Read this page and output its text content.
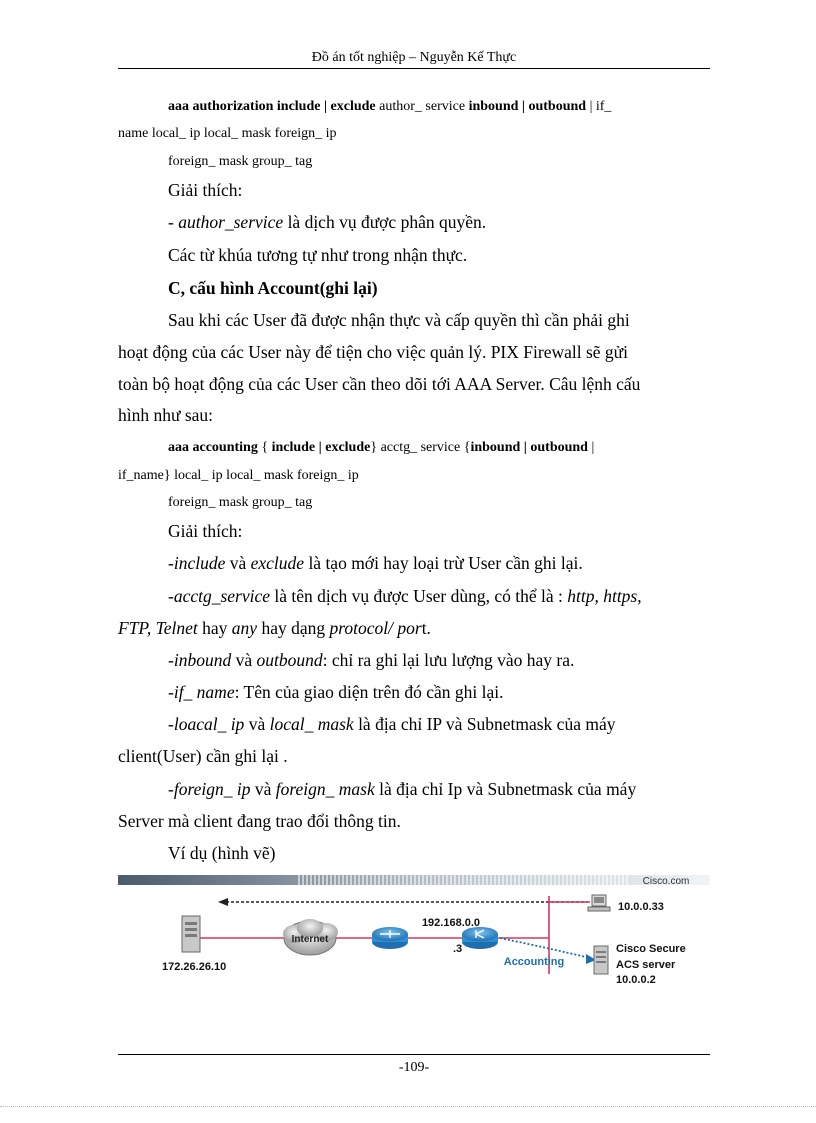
Đồ án tốt nghiệp – Nguyễn Kế Thực
aaa authorization include | exclude author_ service inbound | outbound | if_
name local_ ip local_ mask foreign_ ip
foreign_ mask group_ tag
Giải thích:
- author_service là dịch vụ được phân quyền.
Các từ khúa tương tự như trong nhận thực.
C, cấu hình Account(ghi lại)
Sau khi các User đã được nhận thực và cấp quyền thì cần phải ghi
hoạt động của các User này để tiện cho việc quản lý. PIX Firewall sẽ gửi
toàn bộ hoạt động của các User cần theo dõi tới AAA Server. Câu lệnh cấu
hình như sau:
aaa accounting { include | exclude} acctg_ service {inbound | outbound |
if_name} local_ ip local_ mask foreign_ ip
foreign_ mask group_ tag
Giải thích:
-include và exclude là tạo mới hay loại trừ User cần ghi lại.
-acctg_service là tên dịch vụ được User dùng, có thể là : http, https,
FTP, Telnet hay any hay dạng protocol/ port.
-inbound và outbound: chỉ ra ghi lại lưu lượng vào hay ra.
-if_ name: Tên của giao diện trên đó cần ghi lại.
-loacal_ ip và local_ mask là địa chỉ IP và Subnetmask của máy
client(User) cần ghi lại .
-foreign_ ip và foreign_ mask là địa chỉ Ip và Subnetmask của máy
Server mà client đang trao đổi thông tin.
Ví dụ (hình vẽ)
Cisco.com
172.26.26.10
Internet
192.168.0.0
.3
Accounting
10.0.0.33
Cisco Secure
ACS server
10.0.0.2
-109-
